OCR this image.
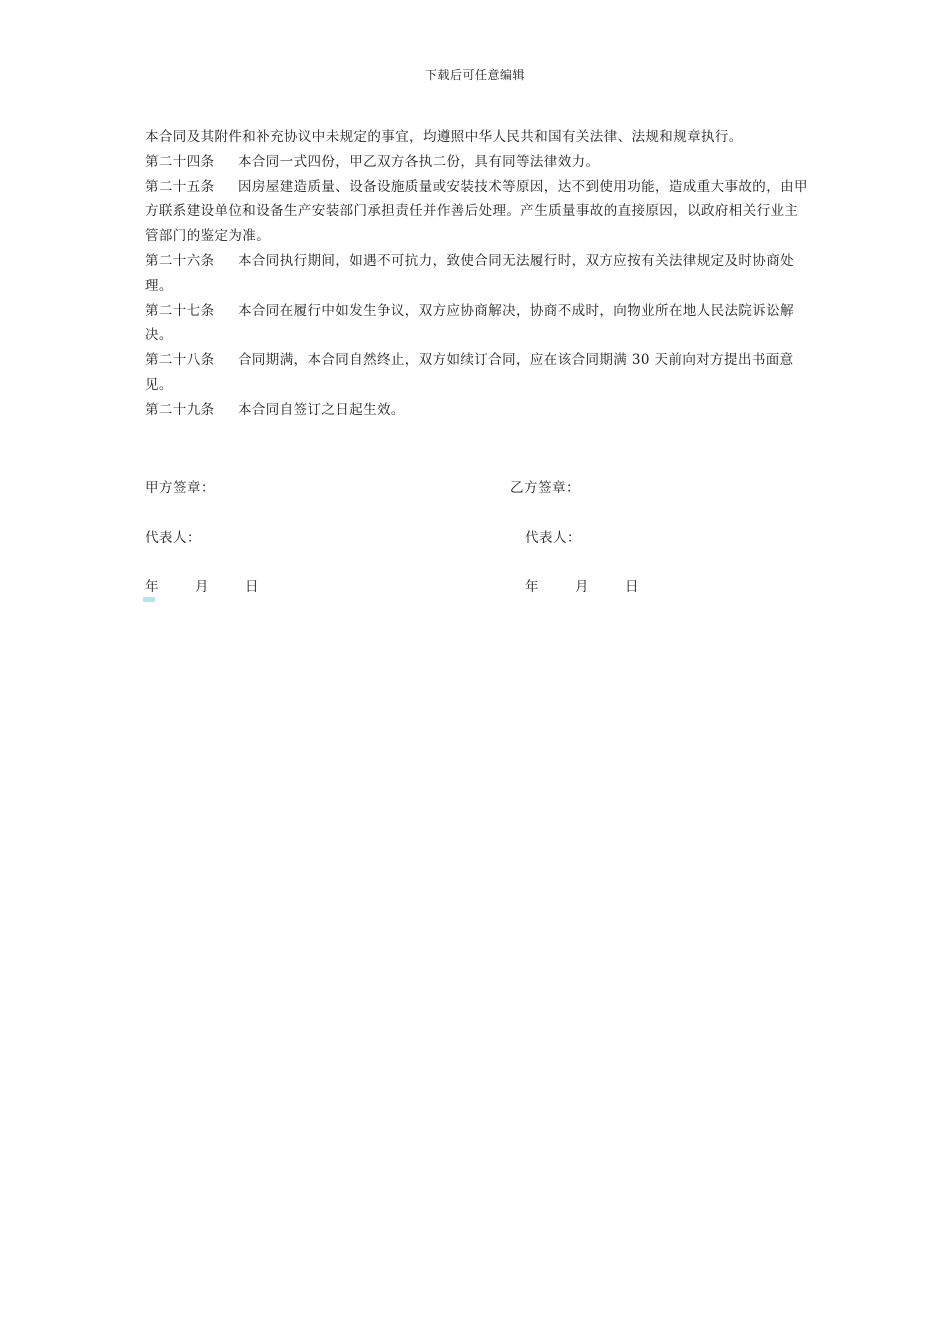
下载后可任意编辑

本合同及其附件和补充协议中未规定的事宜，均遵照中华人民共和国有关法律、法规和规章执行。

第二十四条 本合同一式四份，甲乙双方各执二份，具有同等法律效力。

第二十五条 因房屋建造质量、设备设施质量或安装技术等原因，达不到使用功能，造成重大事故的，由甲方联系建设单位和设备生产安装部门承担责任并作善后处理。产生质量事故的直接原因，以政府相关行业主管部门的鉴定为准。

第二十六条 本合同执行期间，如遇不可抗力，致使合同无法履行时，双方应按有关法律规定及时协商处理。

第二十七条 本合同在履行中如发生争议，双方应协商解决，协商不成时，向物业所在地人民法院诉讼解决。

第二十八条 合同期满，本合同自然终止，双方如续订合同，应在该合同期满 30 天前向对方提出书面意见。

第二十九条 本合同自签订之日起生效。

甲方签章：	乙方签章：
代表人：	代表人：
年	月	日	年	月	日
